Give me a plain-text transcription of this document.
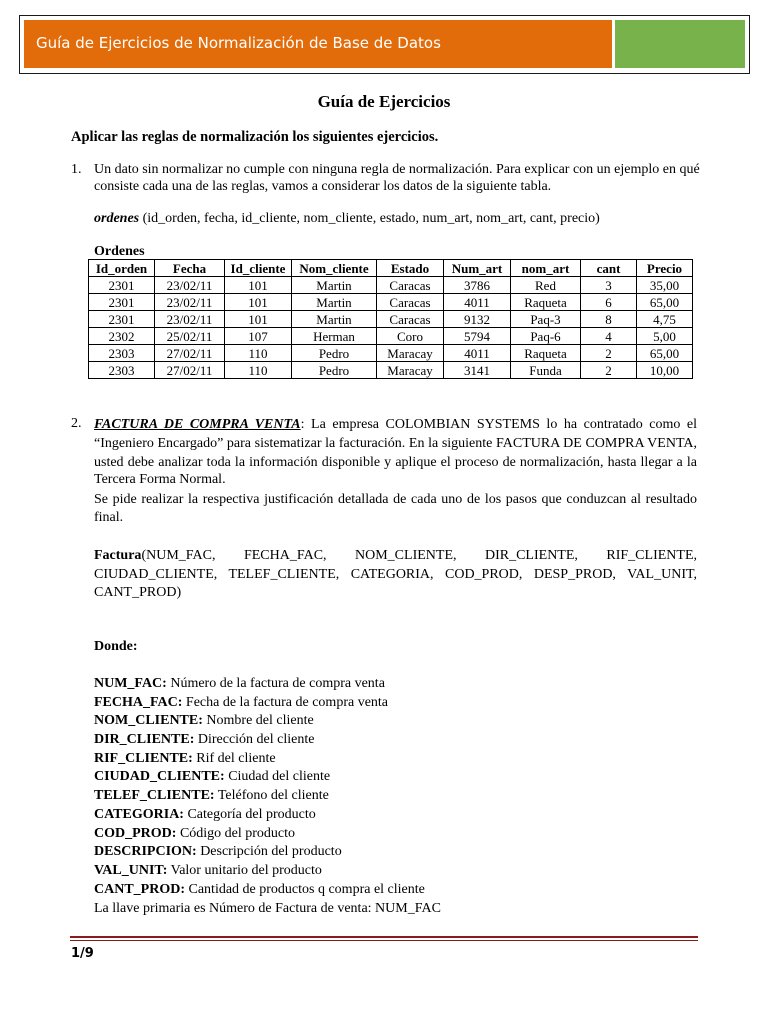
Guía de Ejercicios de Normalización de Base de Datos
Guía de Ejercicios
Aplicar las reglas de normalización los siguientes ejercicios.
1. Un dato sin normalizar no cumple con ninguna regla de normalización. Para explicar con un ejemplo en qué
consiste cada una de las reglas, vamos a considerar los datos de la siguiente tabla.
ordenes (id_orden, fecha, id_cliente, nom_cliente, estado, num_art, nom_art, cant, precio)
Ordenes
Id_orden	Fecha	Id_cliente	Nom_cliente	Estado	Num_art	nom_art	cant	Precio
2301	23/02/11	101	Martin	Caracas	3786	Red	3	35,00
2301	23/02/11	101	Martin	Caracas	4011	Raqueta	6	65,00
2301	23/02/11	101	Martin	Caracas	9132	Paq-3	8	4,75
2302	25/02/11	107	Herman	Coro	5794	Paq-6	4	5,00
2303	27/02/11	110	Pedro	Maracay	4011	Raqueta	2	65,00
2303	27/02/11	110	Pedro	Maracay	3141	Funda	2	10,00
2. FACTURA DE COMPRA VENTA: La empresa COLOMBIAN SYSTEMS lo ha contratado como el
“Ingeniero Encargado” para sistematizar la facturación. En la siguiente FACTURA DE COMPRA VENTA,
usted debe analizar toda la información disponible y aplique el proceso de normalización, hasta llegar a la
Tercera Forma Normal.
Se pide realizar la respectiva justificación detallada de cada uno de los pasos que conduzcan al resultado
final.
Factura(NUM_FAC, FECHA_FAC, NOM_CLIENTE, DIR_CLIENTE, RIF_CLIENTE,
CIUDAD_CLIENTE, TELEF_CLIENTE, CATEGORIA, COD_PROD, DESP_PROD, VAL_UNIT,
CANT_PROD)
Donde:
NUM_FAC: Número de la factura de compra venta
FECHA_FAC: Fecha de la factura de compra venta
NOM_CLIENTE: Nombre del cliente
DIR_CLIENTE: Dirección del cliente
RIF_CLIENTE: Rif del cliente
CIUDAD_CLIENTE: Ciudad del cliente
TELEF_CLIENTE: Teléfono del cliente
CATEGORIA: Categoría del producto
COD_PROD: Código del producto
DESCRIPCION: Descripción del producto
VAL_UNIT: Valor unitario del producto
CANT_PROD: Cantidad de productos q compra el cliente
La llave primaria es Número de Factura de venta: NUM_FAC
1/9
